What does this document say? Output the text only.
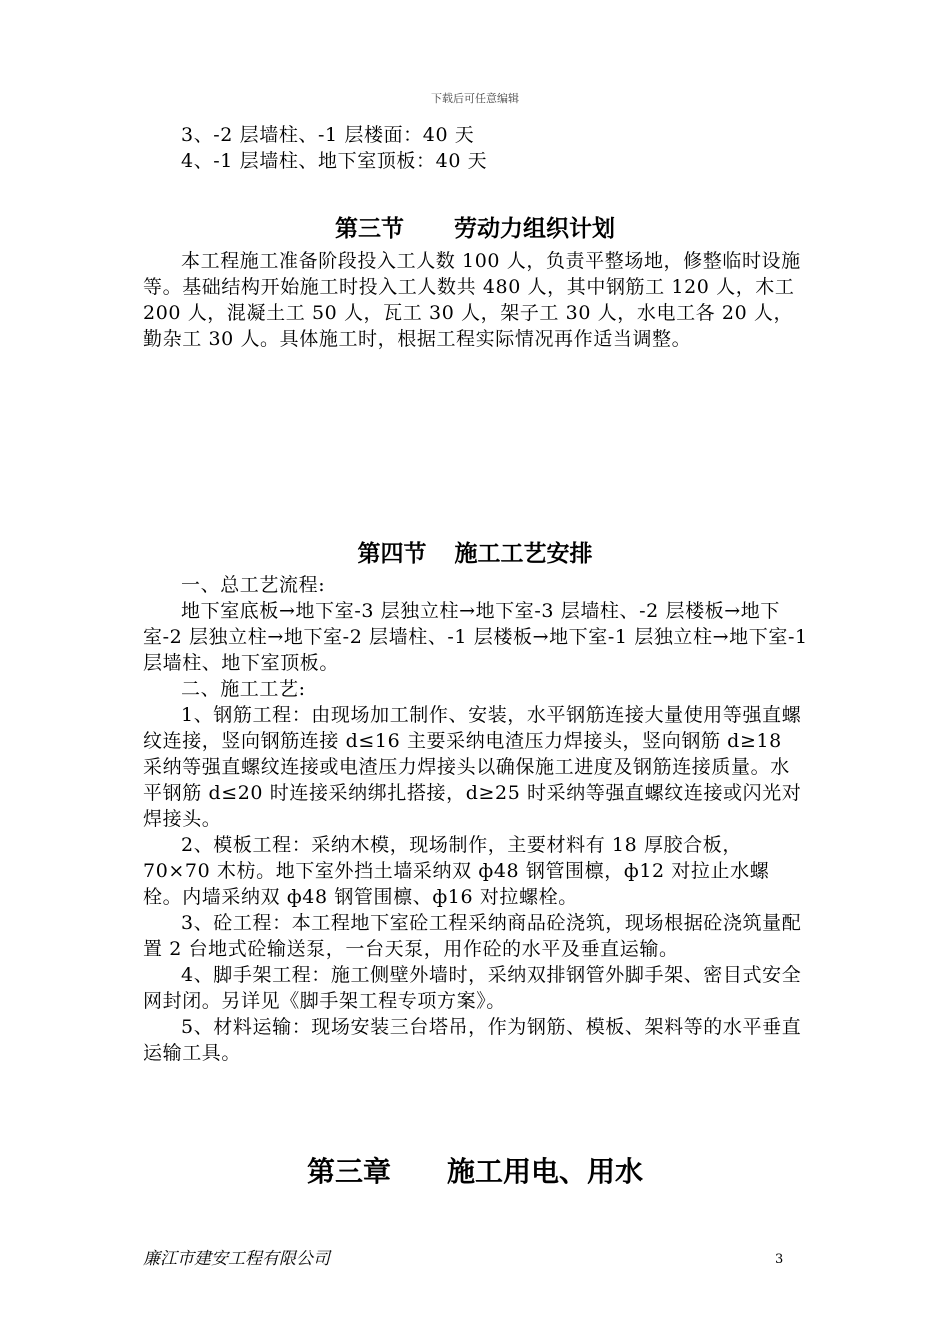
下载后可任意编辑

3、-2 层墙柱、-1 层楼面：40 天

4、-1 层墙柱、地下室顶板：40 天

第三节 劳动力组织计划

本工程施工准备阶段投入工人数 100 人，负责平整场地，修整临时设施等。基础结构开始施工时投入工人数共 480 人，其中钢筋工 120 人，木工 200 人，混凝土工 50 人，瓦工 30 人，架子工 30 人，水电工各 20 人，勤杂工 30 人。具体施工时，根据工程实际情况再作适当调整。

第四节 施工工艺安排

一、总工艺流程:

地下室底板→地下室-3 层独立柱→地下室-3 层墙柱、-2 层楼板→地下室-2 层独立柱→地下室-2 层墙柱、-1 层楼板→地下室-1 层独立柱→地下室-1 层墙柱、地下室顶板。

二、施工工艺:

1、钢筋工程：由现场加工制作、安装，水平钢筋连接大量使用等强直螺纹连接，竖向钢筋连接 d≤16 主要采纳电渣压力焊接头，竖向钢筋 d≥18 采纳等强直螺纹连接或电渣压力焊接头以确保施工进度及钢筋连接质量。水平钢筋 d≤20 时连接采纳绑扎搭接，d≥25 时采纳等强直螺纹连接或闪光对焊接头。

2、模板工程：采纳木模，现场制作，主要材料有 18 厚胶合板，70×70 木枋。地下室外挡土墙采纳双 ф48 钢管围檩，ф12 对拉止水螺栓。内墙采纳双 ф48 钢管围檩、ф16 对拉螺栓。

3、砼工程：本工程地下室砼工程采纳商品砼浇筑，现场根据砼浇筑量配置 2 台地式砼输送泵，一台天泵，用作砼的水平及垂直运输。

4、脚手架工程：施工侧壁外墙时，采纳双排钢管外脚手架、密目式安全网封闭。另详见《脚手架工程专项方案》。

5、材料运输：现场安装三台塔吊，作为钢筋、模板、架料等的水平垂直运输工具。

第三章 施工用电、用水
廉江市建安工程有限公司	3
